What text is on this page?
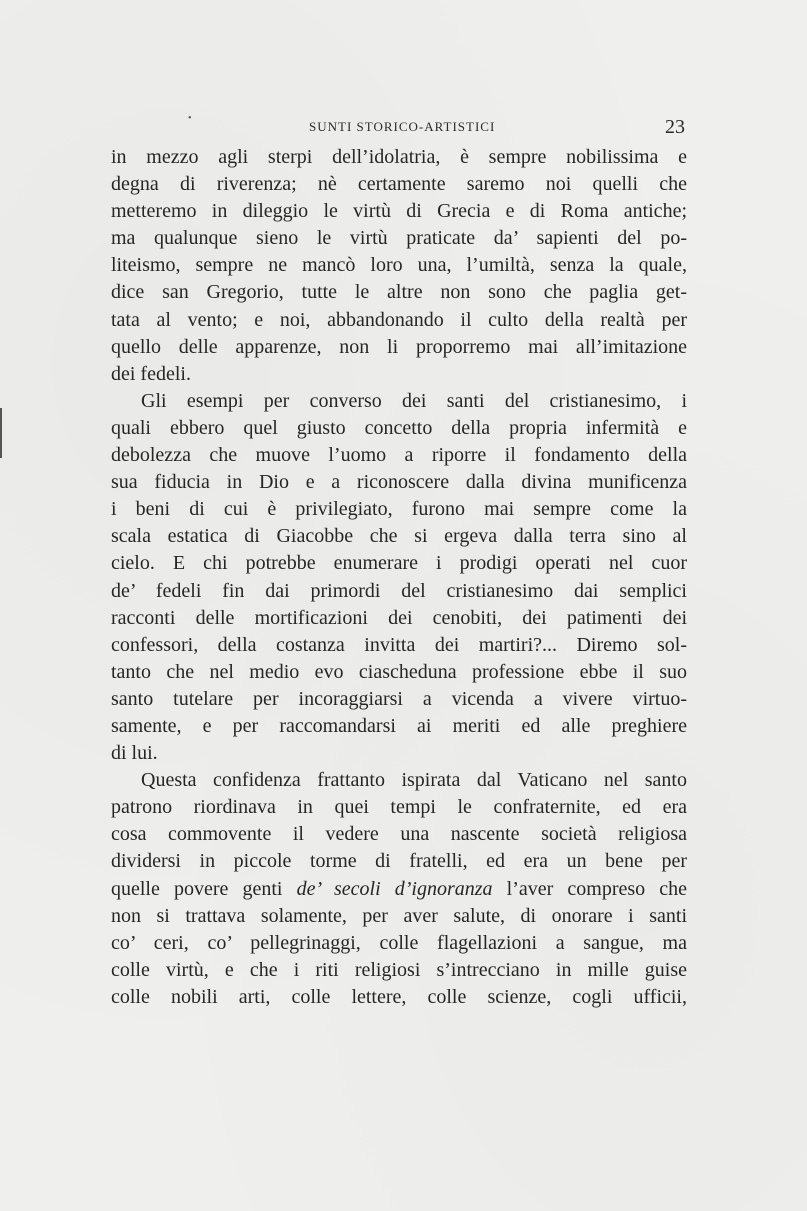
•
SUNTI STORICO-ARTISTICI	23
in mezzo agli sterpi dell’idolatria, è sempre nobilissima e
degna di riverenza; nè certamente saremo noi quelli che
metteremo in dileggio le virtù di Grecia e di Roma antiche;
ma qualunque sieno le virtù praticate da’ sapienti del po-
liteismo, sempre ne mancò loro una, l’umiltà, senza la quale,
dice san Gregorio, tutte le altre non sono che paglia get-
tata al vento; e noi, abbandonando il culto della realtà per
quello delle apparenze, non li proporremo mai all’imitazione
dei fedeli.
Gli esempi per converso dei santi del cristianesimo, i
quali ebbero quel giusto concetto della propria infermità e
debolezza che muove l’uomo a riporre il fondamento della
sua fiducia in Dio e a riconoscere dalla divina munificenza
i beni di cui è privilegiato, furono mai sempre come la
scala estatica di Giacobbe che si ergeva dalla terra sino al
cielo. E chi potrebbe enumerare i prodigi operati nel cuor
de’ fedeli fin dai primordi del cristianesimo dai semplici
racconti delle mortificazioni dei cenobiti, dei patimenti dei
confessori, della costanza invitta dei martiri?... Diremo sol-
tanto che nel medio evo ciascheduna professione ebbe il suo
santo tutelare per incoraggiarsi a vicenda a vivere virtuo-
samente, e per raccomandarsi ai meriti ed alle preghiere
di lui.
Questa confidenza frattanto ispirata dal Vaticano nel santo
patrono riordinava in quei tempi le confraternite, ed era
cosa commovente il vedere una nascente società religiosa
dividersi in piccole torme di fratelli, ed era un bene per
quelle povere genti de’ secoli d’ignoranza l’aver compreso che
non si trattava solamente, per aver salute, di onorare i santi
co’ ceri, co’ pellegrinaggi, colle flagellazioni a sangue, ma
colle virtù, e che i riti religiosi s’intrecciano in mille guise
colle nobili arti, colle lettere, colle scienze, cogli ufficii,
